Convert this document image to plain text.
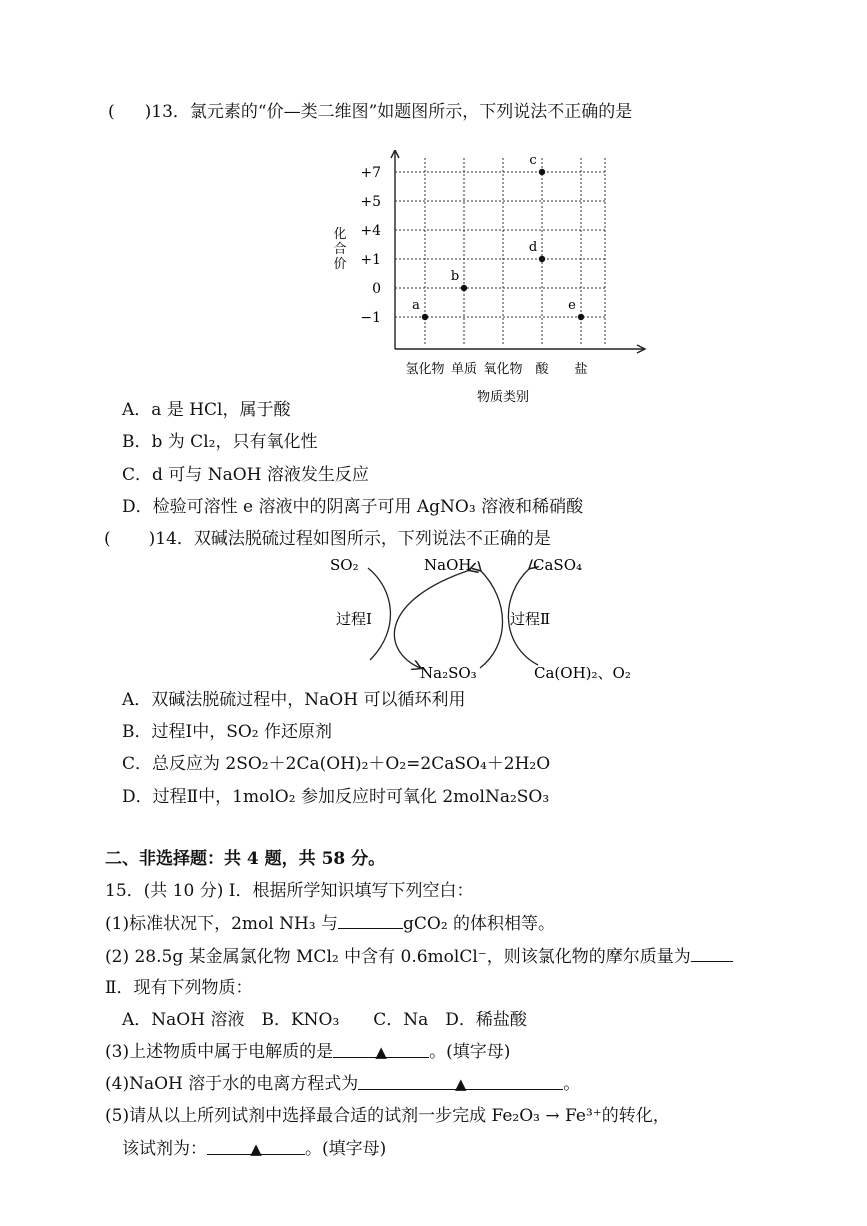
( )13．氯元素的“价—类二维图”如题图所示，下列说法不正确的是
+7
+5
+4
+1
0
−1
化
合
价
氢化物 单质 氧化物 酸 盐
物质类别
a
b
c
d
e
A．a 是 HCl，属于酸
B．b 为 Cl₂，只有氧化性
C．d 可与 NaOH 溶液发生反应
D．检验可溶性 e 溶液中的阴离子可用 AgNO₃ 溶液和稀硝酸
( )14．双碱法脱硫过程如图所示，下列说法不正确的是
SO₂	NaOH	CaSO₄
过程Ⅰ	过程Ⅱ
Na₂SO₃	Ca(OH)₂、O₂
A．双碱法脱硫过程中，NaOH 可以循环利用
B．过程Ⅰ中，SO₂ 作还原剂
C．总反应为 2SO₂＋2Ca(OH)₂＋O₂=2CaSO₄＋2H₂O
D．过程Ⅱ中，1molO₂ 参加反应时可氧化 2molNa₂SO₃
二、非选择题：共 4 题，共 58 分。
15．(共 10 分) Ⅰ．根据所学知识填写下列空白：
(1)标准状况下，2mol NH₃ 与	gCO₂ 的体积相等。
(2) 28.5g 某金属氯化物 MCl₂ 中含有 0.6molCl⁻，则该氯化物的摩尔质量为
Ⅱ．现有下列物质：
A．NaOH 溶液　B．KNO₃　　C．Na　D．稀盐酸
(3)上述物质中属于电解质的是	▲ 。(填字母)
(4)NaOH 溶于水的电离方程式为	▲	。
(5)请从以上所列试剂中选择最合适的试剂一步完成 Fe₂O₃ → Fe³⁺的转化，
该试剂为：	▲	。(填字母)
